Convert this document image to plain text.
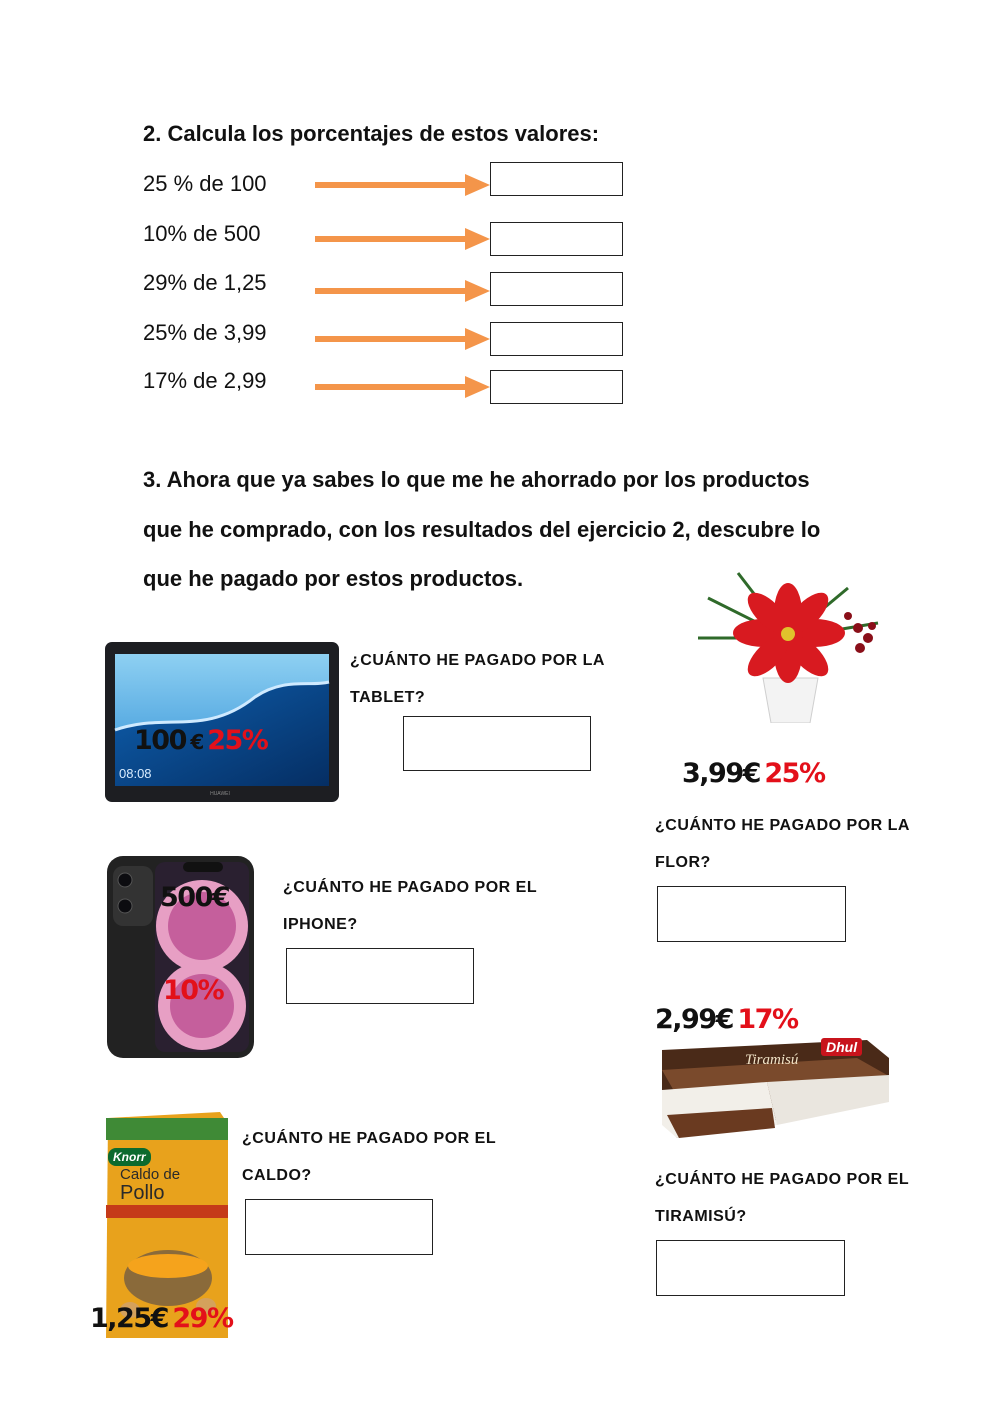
2. Calcula los porcentajes de estos valores:
25 % de 100
10% de 500
29% de 1,25
25% de 3,99
17% de 2,99
3. Ahora que ya sabes lo que me he ahorrado por los productos
que he comprado, con los resultados del ejercicio 2, descubre lo
que he pagado por estos productos.
HUAWEI
08:08
100 € 25%
¿CUÁNTO HE PAGADO POR LA
TABLET?
3,99€ 25%
¿CUÁNTO HE PAGADO POR LA
FLOR?
500€
10%
¿CUÁNTO HE PAGADO POR EL
IPHONE?
2,99€ 17%
Tiramisú
Dhul
¿CUÁNTO HE PAGADO POR EL
TIRAMISÚ?
Knorr
Caldo de
Pollo
1,25€ 29%
¿CUÁNTO HE PAGADO POR EL
CALDO?
